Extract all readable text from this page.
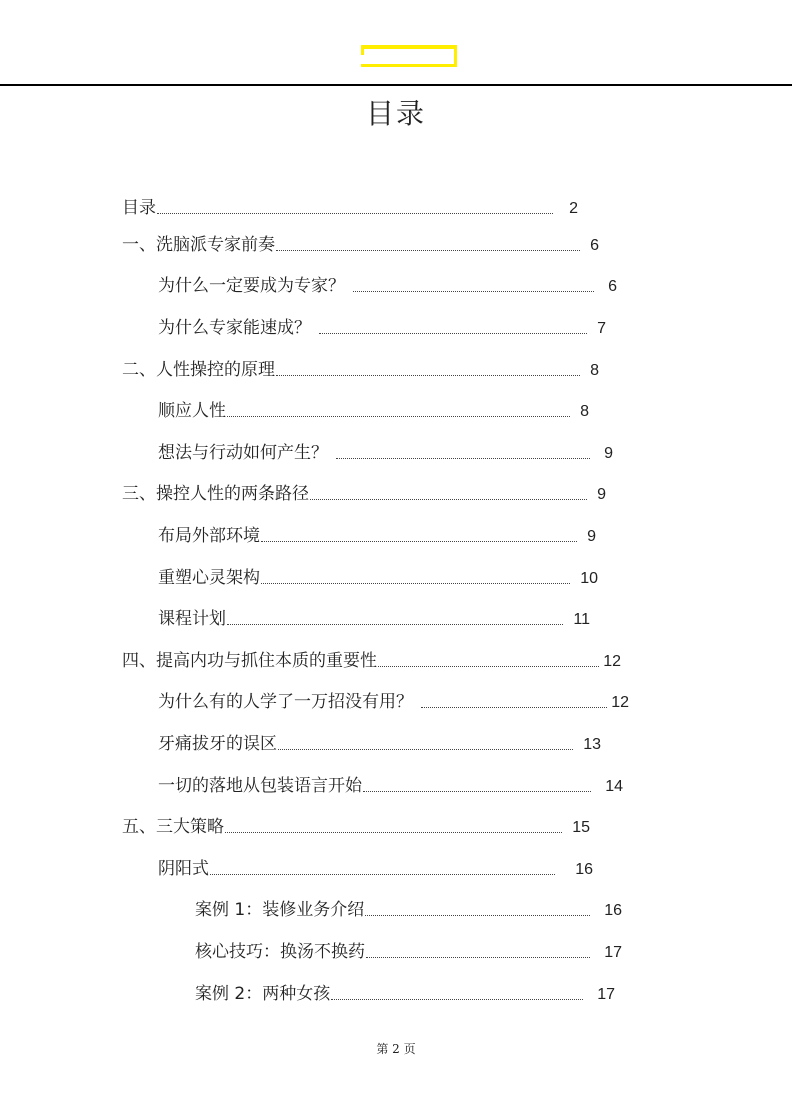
目录
目录	2
一、洗脑派专家前奏	6
为什么一定要成为专家？	6
为什么专家能速成？	7
二、人性操控的原理	8
顺应人性	8
想法与行动如何产生？	9
三、操控人性的两条路径	9
布局外部环境	9
重塑心灵架构	10
课程计划	11
四、提高内功与抓住本质的重要性	12
为什么有的人学了一万招没有用？	12
牙痛拔牙的误区	13
一切的落地从包装语言开始	14
五、三大策略	15
阴阳式	16
案例 1：装修业务介绍	16
核心技巧：换汤不换药	17
案例 2：两种女孩	17
第 2 页
